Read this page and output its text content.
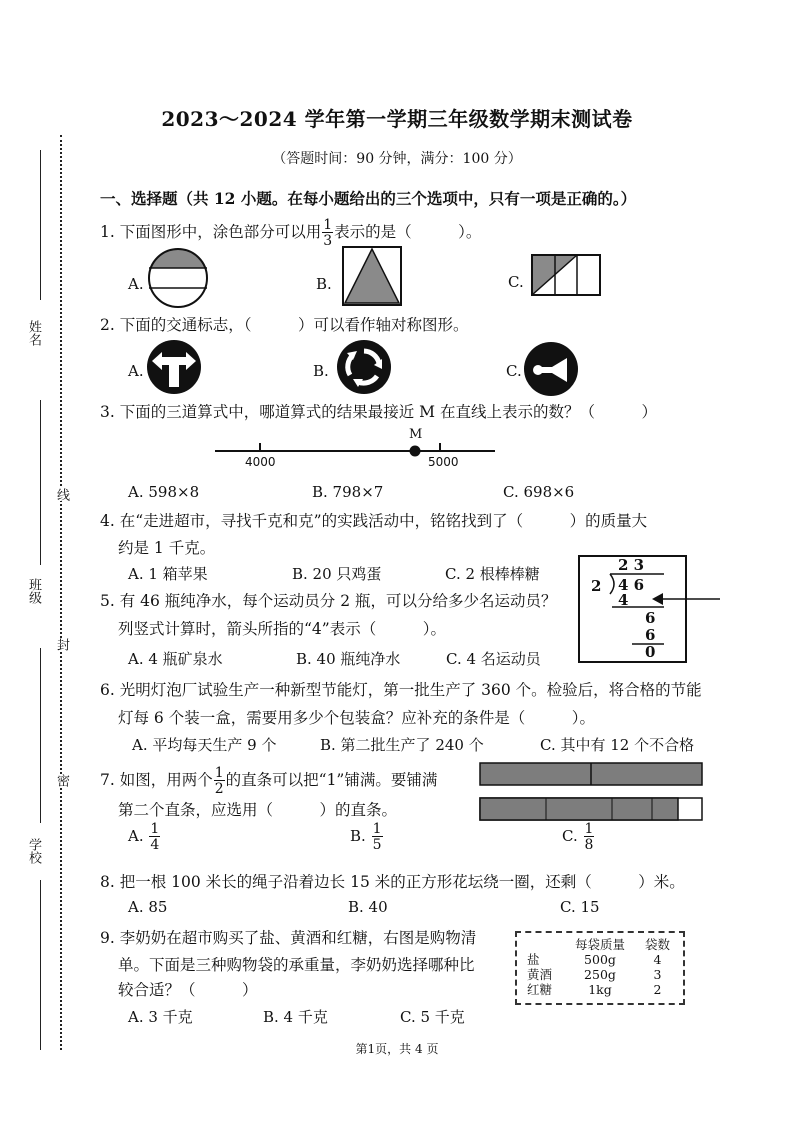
姓名
班级
学校
线
封
密
2023～2024 学年第一学期三年级数学期末测试卷
（答题时间：90 分钟，满分：100 分）
一、选择题（共 12 小题。在每小题给出的三个选项中，只有一项是正确的。）
1. 下面图形中，涂色部分可以用 $\frac{1}{3}$ 表示的是（　　　）。
A.	B.	C.
2. 下面的交通标志，（　　　）可以看作轴对称图形。
A.	B.	C.
3. 下面的三道算式中，哪道算式的结果最接近 M 在直线上表示的数？（　　　）
M
4000	5000
A. 598×8	B. 798×7	C. 698×6
4. 在“走进超市，寻找千克和克”的实践活动中，铭铭找到了（　　　）的质量大
约是 1 千克。
A. 1 箱苹果	B. 20 只鸡蛋	C. 2 根棒棒糖	2 3
2 4 6
4
6
6
0
5. 有 46 瓶纯净水，每个运动员分 2 瓶，可以分给多少名运动员？
列竖式计算时，箭头所指的“4”表示（　　　）。
A. 4 瓶矿泉水	B. 40 瓶纯净水	C. 4 名运动员
6. 光明灯泡厂试验生产一种新型节能灯，第一批生产了 360 个。检验后，将合格的节能
灯每 6 个装一盒，需要用多少个包装盒？应补充的条件是（　　　）。
A. 平均每天生产 9 个	B. 第二批生产了 240 个	C. 其中有 12 个不合格
7. 如图，用两个 $\frac{1}{2}$ 的直条可以把“1”铺满。要铺满
第二个直条，应选用（　　　）的直条。
A. $\frac{1}{4}$	B. $\frac{1}{5}$	C. $\frac{1}{8}$
8. 把一根 100 米长的绳子沿着边长 15 米的正方形花坛绕一圈，还剩（　　　）米。
A. 85	B. 40	C. 15
9. 李奶奶在超市购买了盐、黄酒和红糖，右图是购物清
单。下面是三种购物袋的承重量，李奶奶选择哪种比
较合适？（　　　）
A. 3 千克	B. 4 千克	C. 5 千克
	每袋质量	袋数
盐	500g	4
黄酒	250g	3
红糖	1kg	2
第1页，共 4 页
